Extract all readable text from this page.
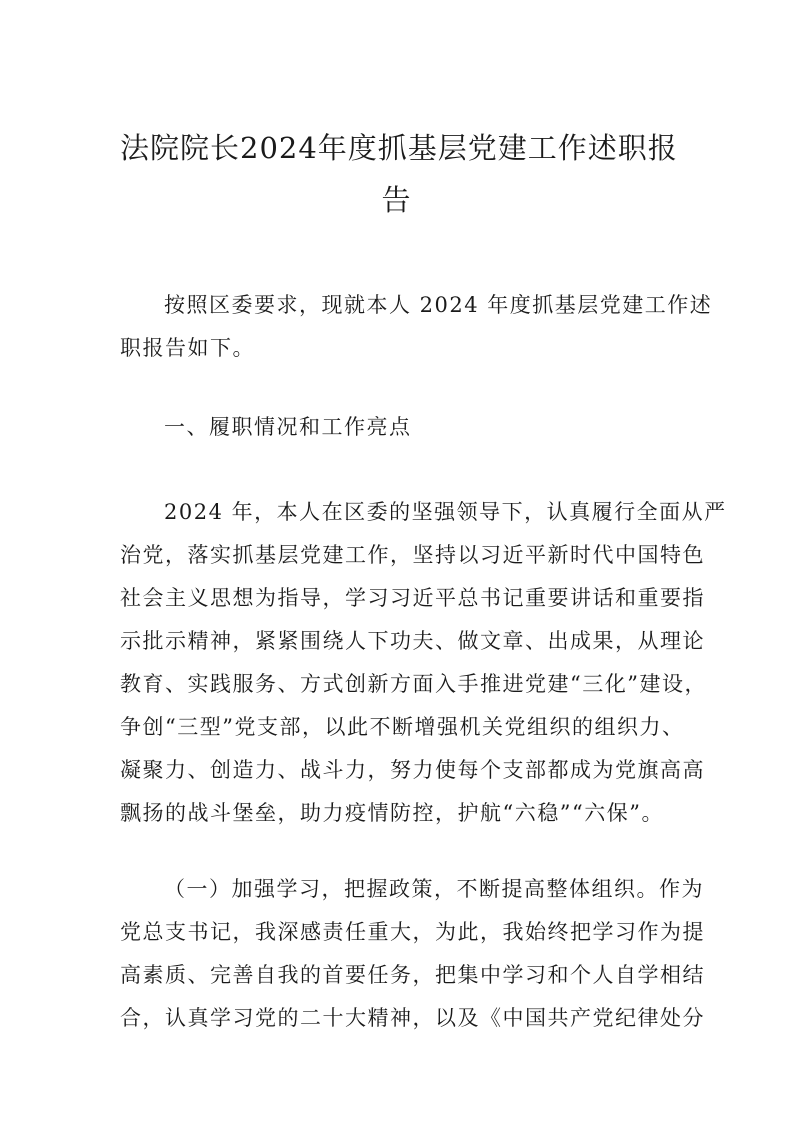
法院院长2024年度抓基层党建工作述职报
告
按照区委要求，现就本人 2024 年度抓基层党建工作述
职报告如下。
一、履职情况和工作亮点
2024 年，本人在区委的坚强领导下，认真履行全面从严
治党，落实抓基层党建工作，坚持以习近平新时代中国特色
社会主义思想为指导，学习习近平总书记重要讲话和重要指
示批示精神，紧紧围绕人下功夫、做文章、出成果，从理论
教育、实践服务、方式创新方面入手推进党建“三化”建设，
争创“三型”党支部，以此不断增强机关党组织的组织力、
凝聚力、创造力、战斗力，努力使每个支部都成为党旗高高
飘扬的战斗堡垒，助力疫情防控，护航“六稳”“六保”。
（一）加强学习，把握政策，不断提高整体组织。作为
党总支书记，我深感责任重大，为此，我始终把学习作为提
高素质、完善自我的首要任务，把集中学习和个人自学相结
合，认真学习党的二十大精神，以及《中国共产党纪律处分
